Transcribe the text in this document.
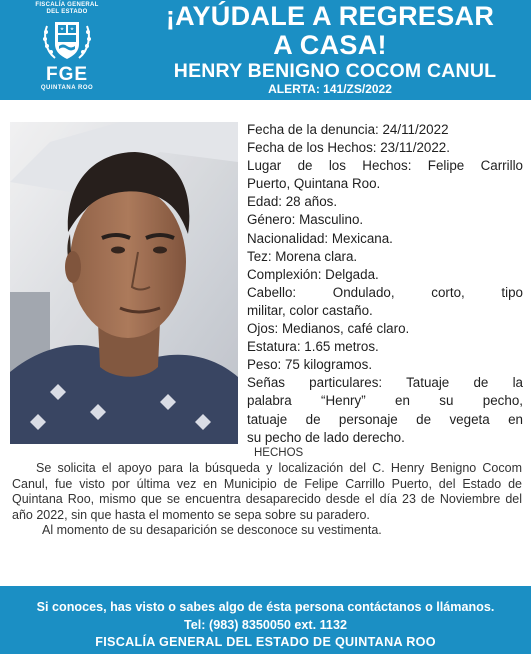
FISCALÍA GENERAL
DEL ESTADO
FGE
QUINTANA ROO
¡AYÚDALE A REGRESAR
A CASA!
HENRY BENIGNO COCOM CANUL
ALERTA: 141/ZS/2022
Fecha de la denuncia: 24/11/2022
Fecha de los Hechos: 23/11/2022.
Lugar de los Hechos: Felipe Carrillo
Puerto, Quintana Roo.
Edad: 28 años.
Género: Masculino.
Nacionalidad: Mexicana.
Tez: Morena clara.
Complexión: Delgada.
Cabello: Ondulado, corto, tipo
militar, color castaño.
Ojos: Medianos, café claro.
Estatura: 1.65 metros.
Peso: 75 kilogramos.
Señas particulares: Tatuaje de la
palabra “Henry” en su pecho,
tatuaje de personaje de vegeta en
su pecho de lado derecho.
HECHOS

Se solicita el apoyo para la búsqueda y localización del C. Henry Benigno Cocom Canul, fue visto por última vez en Municipio de Felipe Carrillo Puerto, del Estado de Quintana Roo, mismo que se encuentra desaparecido desde el día 23 de Noviembre del año 2022, sin que hasta el momento se sepa sobre su paradero.

Al momento de su desaparición se desconoce su vestimenta.

Si conoces, has visto o sabes algo de ésta persona contáctanos o llámanos.
Tel: (983) 8350050 ext. 1132
FISCALÍA GENERAL DEL ESTADO DE QUINTANA ROO
